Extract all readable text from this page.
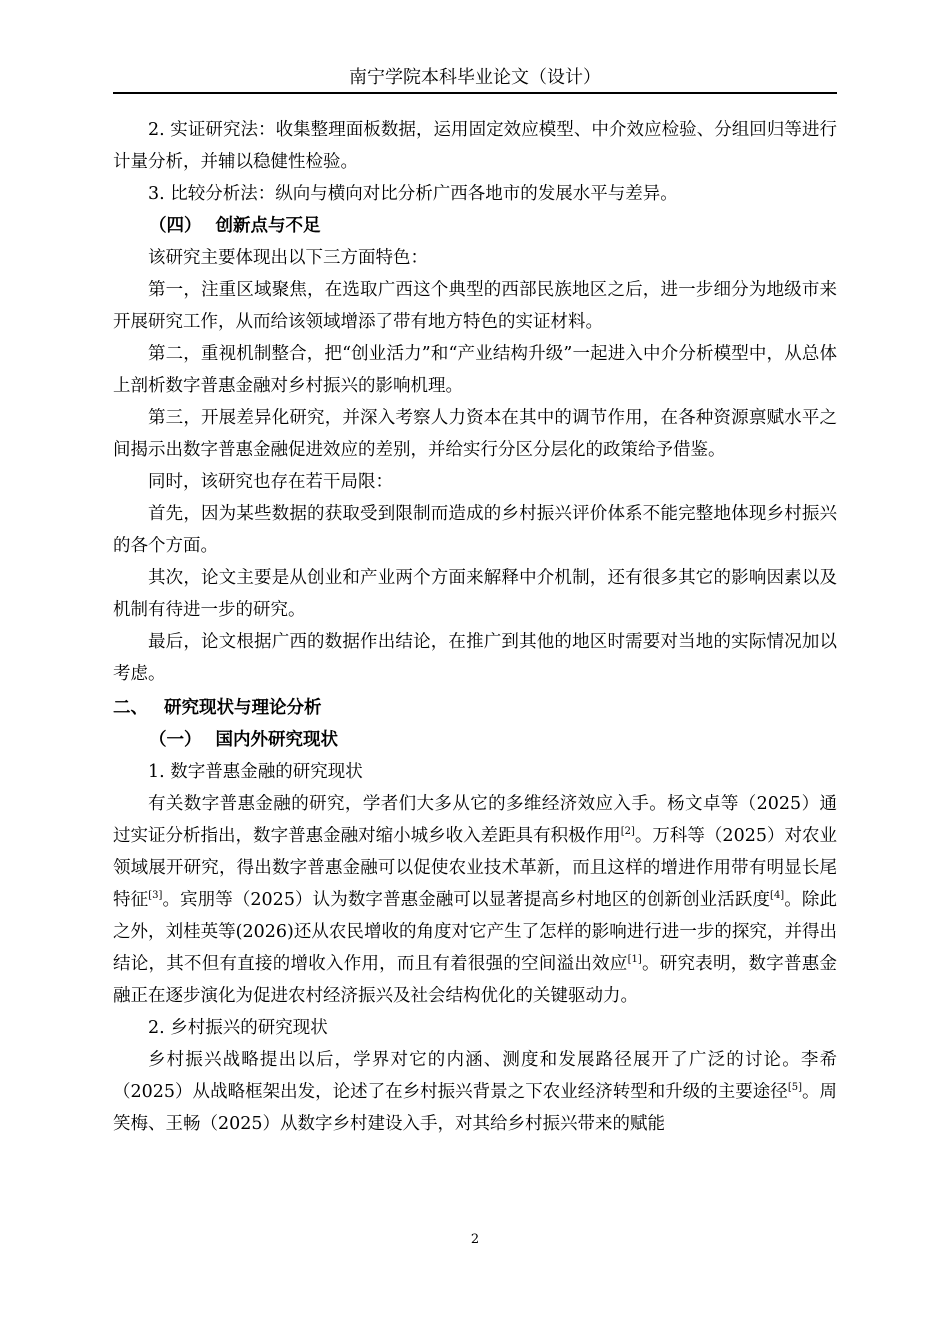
南宁学院本科毕业论文（设计）

2. 实证研究法：收集整理面板数据，运用固定效应模型、中介效应检验、分组回归等进行计量分析，并辅以稳健性检验。

3. 比较分析法：纵向与横向对比分析广西各地市的发展水平与差异。

（四） 创新点与不足

该研究主要体现出以下三方面特色：

第一，注重区域聚焦，在选取广西这个典型的西部民族地区之后，进一步细分为地级市来开展研究工作，从而给该领域增添了带有地方特色的实证材料。

第二，重视机制整合，把“创业活力”和“产业结构升级”一起进入中介分析模型中，从总体上剖析数字普惠金融对乡村振兴的影响机理。

第三，开展差异化研究，并深入考察人力资本在其中的调节作用，在各种资源禀赋水平之间揭示出数字普惠金融促进效应的差别，并给实行分区分层化的政策给予借鉴。

同时，该研究也存在若干局限：

首先，因为某些数据的获取受到限制而造成的乡村振兴评价体系不能完整地体现乡村振兴的各个方面。

其次，论文主要是从创业和产业两个方面来解释中介机制，还有很多其它的影响因素以及机制有待进一步的研究。

最后，论文根据广西的数据作出结论，在推广到其他的地区时需要对当地的实际情况加以考虑。

二、 研究现状与理论分析

（一） 国内外研究现状

1. 数字普惠金融的研究现状

有关数字普惠金融的研究，学者们大多从它的多维经济效应入手。杨文卓等（2025）通过实证分析指出，数字普惠金融对缩小城乡收入差距具有积极作用[2]。万科等（2025）对农业领域展开研究，得出数字普惠金融可以促使农业技术革新，而且这样的增进作用带有明显长尾特征[3]。宾朋等（2025）认为数字普惠金融可以显著提高乡村地区的创新创业活跃度[4]。除此之外，刘桂英等(2026)还从农民增收的角度对它产生了怎样的影响进行进一步的探究，并得出结论，其不但有直接的增收入作用，而且有着很强的空间溢出效应[1]。研究表明，数字普惠金融正在逐步演化为促进农村经济振兴及社会结构优化的关键驱动力。

2. 乡村振兴的研究现状

乡村振兴战略提出以后，学界对它的内涵、测度和发展路径展开了广泛的讨论。李希（2025）从战略框架出发，论述了在乡村振兴背景之下农业经济转型和升级的主要途径[5]。周笑梅、王畅（2025）从数字乡村建设入手，对其给乡村振兴带来的赋能

2
